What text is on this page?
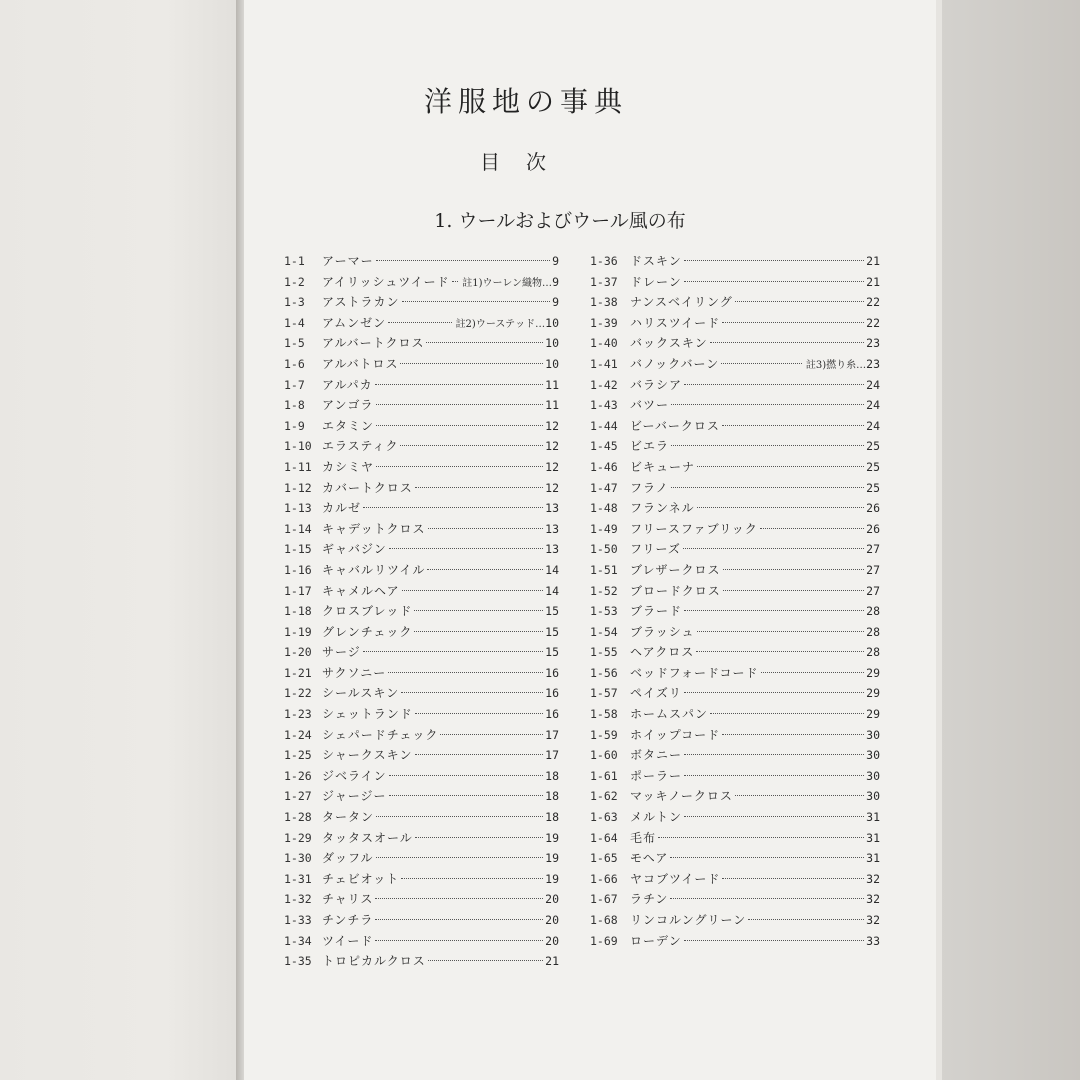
洋服地の事典
目次
1. ウールおよびウール風の布
1-1	アーマー	9
1-2	アイリッシュツイード 註1)ウーレン織物… 9
1-3	アストラカン	9
1-4	アムンゼン	註2)ウーステッド… 10
1-5	アルバートクロス	10
1-6	アルバトロス	10
1-7	アルパカ	11
1-8	アンゴラ	11
1-9	エタミン	12
1-10 エラスティク	12
1-11 カシミヤ	12
1-12 カバートクロス	12
1-13 カルゼ	13
1-14 キャデットクロス	13
1-15 ギャバジン	13
1-16 キャバルリツイル	14
1-17 キャメルヘア	14
1-18 クロスブレッド	15
1-19 グレンチェック	15
1-20 サージ	15
1-21 サクソニー	16
1-22 シールスキン	16
1-23 シェットランド	16
1-24 シェパードチェック	17
1-25 シャークスキン	17
1-26 ジベライン	18
1-27 ジャージー	18
1-28 タータン	18
1-29 タッタスオール	19
1-30 ダッフル	19
1-31 チェビオット	19
1-32 チャリス	20
1-33 チンチラ	20
1-34 ツイード	20
1-35 トロピカルクロス	21
1-36	ドスキン	21
1-37	ドレーン	21
1-38	ナンスベイリング	22
1-39	ハリスツイード	22
1-40	バックスキン	23
1-41	バノックバーン	註3)撚り糸… 23
1-42	バラシア	24
1-43	バツー	24
1-44	ビーバークロス	24
1-45	ビエラ	25
1-46	ビキューナ	25
1-47	フラノ	25
1-48	フランネル	26
1-49	フリースファブリック	26
1-50	フリーズ	27
1-51	ブレザークロス	27
1-52	ブロードクロス	27
1-53	ブラード	28
1-54	ブラッシュ	28
1-55	ヘアクロス	28
1-56	ベッドフォードコード	29
1-57	ペイズリ	29
1-58	ホームスパン	29
1-59	ホイップコード	30
1-60	ボタニー	30
1-61	ポーラー	30
1-62	マッキノークロス	30
1-63	メルトン	31
1-64	毛布	31
1-65	モヘア	31
1-66	ヤコブツイード	32
1-67	ラチン	32
1-68	リンコルングリーン	32
1-69	ローデン	33
